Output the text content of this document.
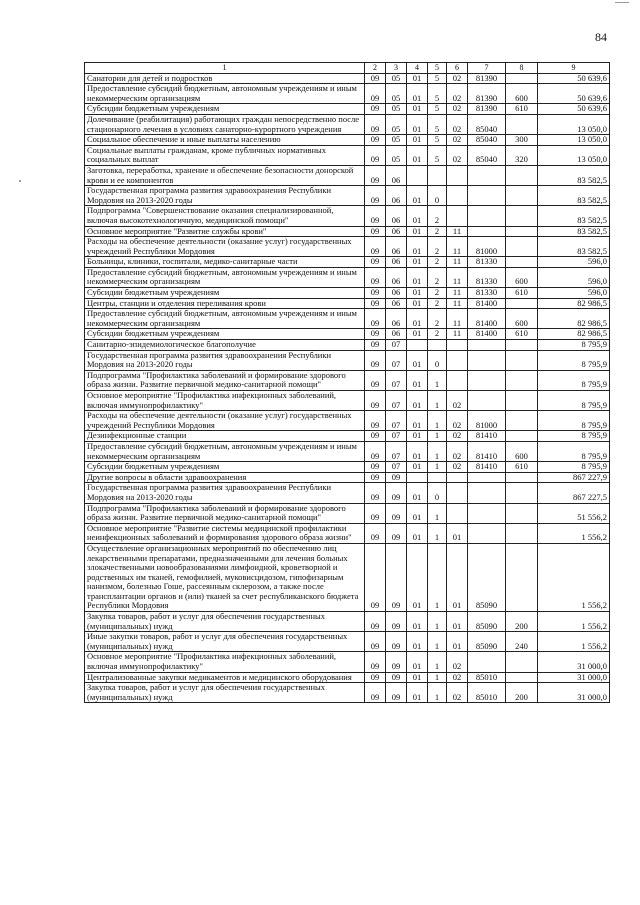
84
1	2	3	4	5	6	7	8	9
Санатории для детей и подростков	09	05	01	5	02	81390		50 639,6
Предоставление субсидий бюджетным, автономным учреждениям и иным некоммерческим организациям	09	05	01	5	02	81390	600	50 639,6
Субсидии бюджетным учреждениям	09	05	01	5	02	81390	610	50 639,6
Долечивание (реабилитация) работающих граждан непосредственно после стационарного лечения в условиях санаторно-курортного учреждения	09	05	01	5	02	85040		13 050,0
Социальное обеспечение и иные выплаты населению	09	05	01	5	02	85040	300	13 050,0
Социальные выплаты гражданам, кроме публичных нормативных социальных выплат	09	05	01	5	02	85040	320	13 050,0
Заготовка, переработка, хранение и обеспечение безопасности донорской крови и ее компонентов	09	06						83 582,5
Государственная программа развития здравоохранения Республики Мордовия на 2013-2020 годы	09	06	01	0				83 582,5
Подпрограмма "Совершенствование оказания специализированной, включая высокотехнологичную, медицинской помощи"	09	06	01	2				83 582,5
Основное мероприятие "Развитие службы крови"	09	06	01	2	11			83 582,5
Расходы на обеспечение деятельности (оказание услуг) государственных учреждений Республики Мордовия	09	06	01	2	11	81000		83 582,5
Больницы, клиники, госпитали, медико-санитарные части	09	06	01	2	11	81330		596,0
Предоставление субсидий бюджетным, автономным учреждениям и иным некоммерческим организациям	09	06	01	2	11	81330	600	596,0
Субсидии бюджетным учреждениям	09	06	01	2	11	81330	610	596,0
Центры, станции и отделения переливания крови	09	06	01	2	11	81400		82 986,5
Предоставление субсидий бюджетным, автономным учреждениям и иным некоммерческим организациям	09	06	01	2	11	81400	600	82 986,5
Субсидии бюджетным учреждениям	09	06	01	2	11	81400	610	82 986,5
Санитарно-эпидемиологическое благополучие	09	07						8 795,9
Государственная программа развития здравоохранения Республики Мордовия на 2013-2020 годы	09	07	01	0				8 795,9
Подпрограмма "Профилактика заболеваний и формирование здорового образа жизни. Развитие первичной медико-санитарной помощи"	09	07	01	1				8 795,9
Основное мероприятие "Профилактика инфекционных заболеваний, включая иммунопрофилактику"	09	07	01	1	02			8 795,9
Расходы на обеспечение деятельности (оказание услуг) государственных учреждений Республики Мордовия	09	07	01	1	02	81000		8 795,9
Дезинфекционные станции	09	07	01	1	02	81410		8 795,9
Предоставление субсидий бюджетным, автономным учреждениям и иным некоммерческим организациям	09	07	01	1	02	81410	600	8 795,9
Субсидии бюджетным учреждениям	09	07	01	1	02	81410	610	8 795,9
Другие вопросы в области здравоохранения	09	09						867 227,9
Государственная программа развития здравоохранения Республики Мордовия на 2013-2020 годы	09	09	01	0				867 227,5
Подпрограмма "Профилактика заболеваний и формирование здорового образа жизни. Развитие первичной медико-санитарной помощи"	09	09	01	1				51 556,2
Основное мероприятие "Развитие системы медицинской профилактики неинфекционных заболеваний и формирования здорового образа жизни"	09	09	01	1	01			1 556,2
Осуществление организационных мероприятий по обеспечению лиц лекарственными препаратами, предназначенными для лечения больных злокачественными новообразованиями лимфоидной, кроветворной и родственных им тканей, гемофилией, муковисцидозом, гипофизарным нанизмом, болезнью Гоше, рассеянным склерозом, а также после трансплантации органов и (или) тканей за счет республиканского бюджета Республики Мордовия	09	09	01	1	01	85090		1 556,2
Закупка товаров, работ и услуг для обеспечения государственных (муниципальных) нужд	09	09	01	1	01	85090	200	1 556,2
Иные закупки товаров, работ и услуг для обеспечения государственных (муниципальных) нужд	09	09	01	1	01	85090	240	1 556,2
Основное мероприятие "Профилактика инфекционных заболеваний, включая иммунопрофилактику"	09	09	01	1	02			31 000,0
Централизованные закупки медикаментов и медицинского оборудования	09	09	01	1	02	85010		31 000,0
Закупка товаров, работ и услуг для обеспечения государственных (муниципальных) нужд	09	09	01	1	02	85010	200	31 000,0
